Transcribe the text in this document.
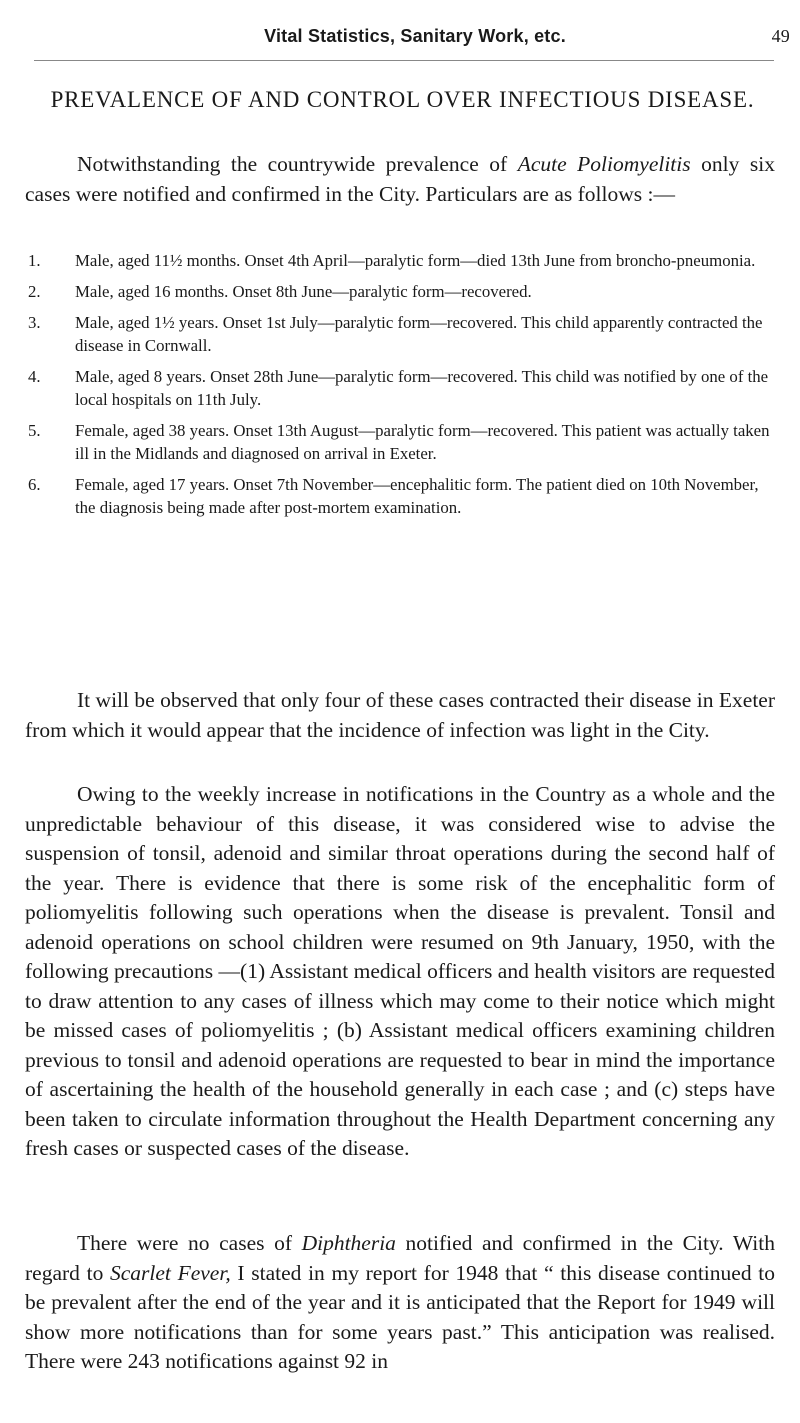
Vital Statistics, Sanitary Work, etc.	49
PREVALENCE OF AND CONTROL OVER INFECTIOUS DISEASE.

Notwithstanding the countrywide prevalence of Acute Poliomyelitis only six cases were notified and confirmed in the City. Particulars are as follows :—

1. Male, aged 11½ months. Onset 4th April—paralytic form—died 13th June from broncho-pneumonia.
2. Male, aged 16 months. Onset 8th June—paralytic form—recovered.
3. Male, aged 1½ years. Onset 1st July—paralytic form—recovered. This child apparently contracted the disease in Cornwall.
4. Male, aged 8 years. Onset 28th June—paralytic form—recovered. This child was notified by one of the local hospitals on 11th July.
5. Female, aged 38 years. Onset 13th August—paralytic form—recovered. This patient was actually taken ill in the Midlands and diagnosed on arrival in Exeter.
6. Female, aged 17 years. Onset 7th November—encephalitic form. The patient died on 10th November, the diagnosis being made after post-mortem examination.

It will be observed that only four of these cases contracted their disease in Exeter from which it would appear that the incidence of infection was light in the City.

Owing to the weekly increase in notifications in the Country as a whole and the unpredictable behaviour of this disease, it was considered wise to advise the suspension of tonsil, adenoid and similar throat operations during the second half of the year. There is evidence that there is some risk of the encephalitic form of poliomyelitis following such operations when the disease is prevalent. Tonsil and adenoid operations on school children were resumed on 9th January, 1950, with the following precautions —(1) Assistant medical officers and health visitors are requested to draw attention to any cases of illness which may come to their notice which might be missed cases of poliomyelitis ; (b) Assistant medical officers examining children previous to tonsil and adenoid operations are requested to bear in mind the importance of ascertaining the health of the household generally in each case ; and (c) steps have been taken to circulate information throughout the Health Department concerning any fresh cases or suspected cases of the disease.

There were no cases of Diphtheria notified and confirmed in the City. With regard to Scarlet Fever, I stated in my report for 1948 that “ this disease continued to be prevalent after the end of the year and it is anticipated that the Report for 1949 will show more notifications than for some years past.” This anticipation was realised. There were 243 notifications against 92 in
